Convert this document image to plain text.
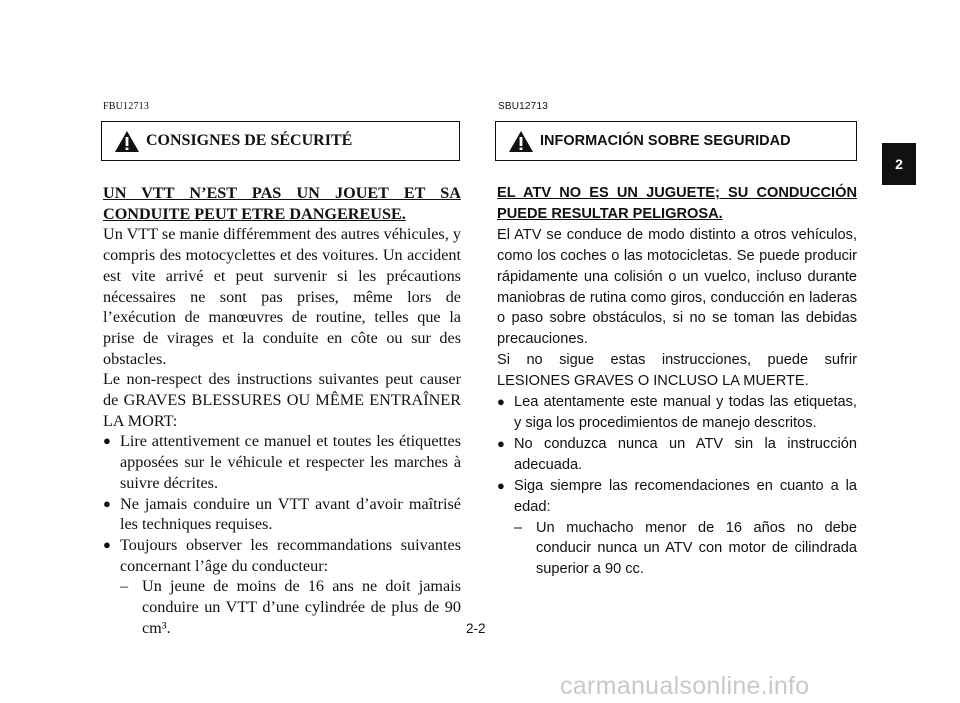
FBU12713
CONSIGNES DE SÉCURITÉ

UN VTT N’EST PAS UN JOUET ET SA CONDUITE PEUT ETRE DANGEREUSE.

Un VTT se manie différemment des autres véhicules, y compris des motocyclettes et des voitures. Un accident est vite arrivé et peut survenir si les précautions nécessaires ne sont pas prises, même lors de l’exécution de manœuvres de routine, telles que la prise de virages et la conduite en côte ou sur des obstacles.

Le non-respect des instructions suivantes peut causer de GRAVES BLESSURES OU MÊME ENTRAÎNER LA MORT:

● Lire attentivement ce manuel et toutes les étiquettes apposées sur le véhicule et respecter les marches à suivre décrites.
● Ne jamais conduire un VTT avant d’avoir maîtrisé les techniques requises.
● Toujours observer les recommandations suivantes concernant l’âge du conducteur:
– Un jeune de moins de 16 ans ne doit jamais conduire un VTT d’une cylindrée de plus de 90 cm³.
SBU12713
INFORMACIÓN SOBRE SEGURIDAD

EL ATV NO ES UN JUGUETE; SU CONDUCCIÓN PUEDE RESULTAR PELIGROSA.

El ATV se conduce de modo distinto a otros vehículos, como los coches o las motocicletas. Se puede producir rápidamente una colisión o un vuelco, incluso durante maniobras de rutina como giros, conducción en laderas o paso sobre obstáculos, si no se toman las debidas precauciones.

Si no sigue estas instrucciones, puede sufrir LESIONES GRAVES O INCLUSO LA MUERTE.

● Lea atentamente este manual y todas las etiquetas, y siga los procedimientos de manejo descritos.
● No conduzca nunca un ATV sin la instrucción adecuada.
● Siga siempre las recomendaciones en cuanto a la edad:
– Un muchacho menor de 16 años no debe conducir nunca un ATV con motor de cilindrada superior a 90 cc.
2-2
2
carmanualsonline.info
